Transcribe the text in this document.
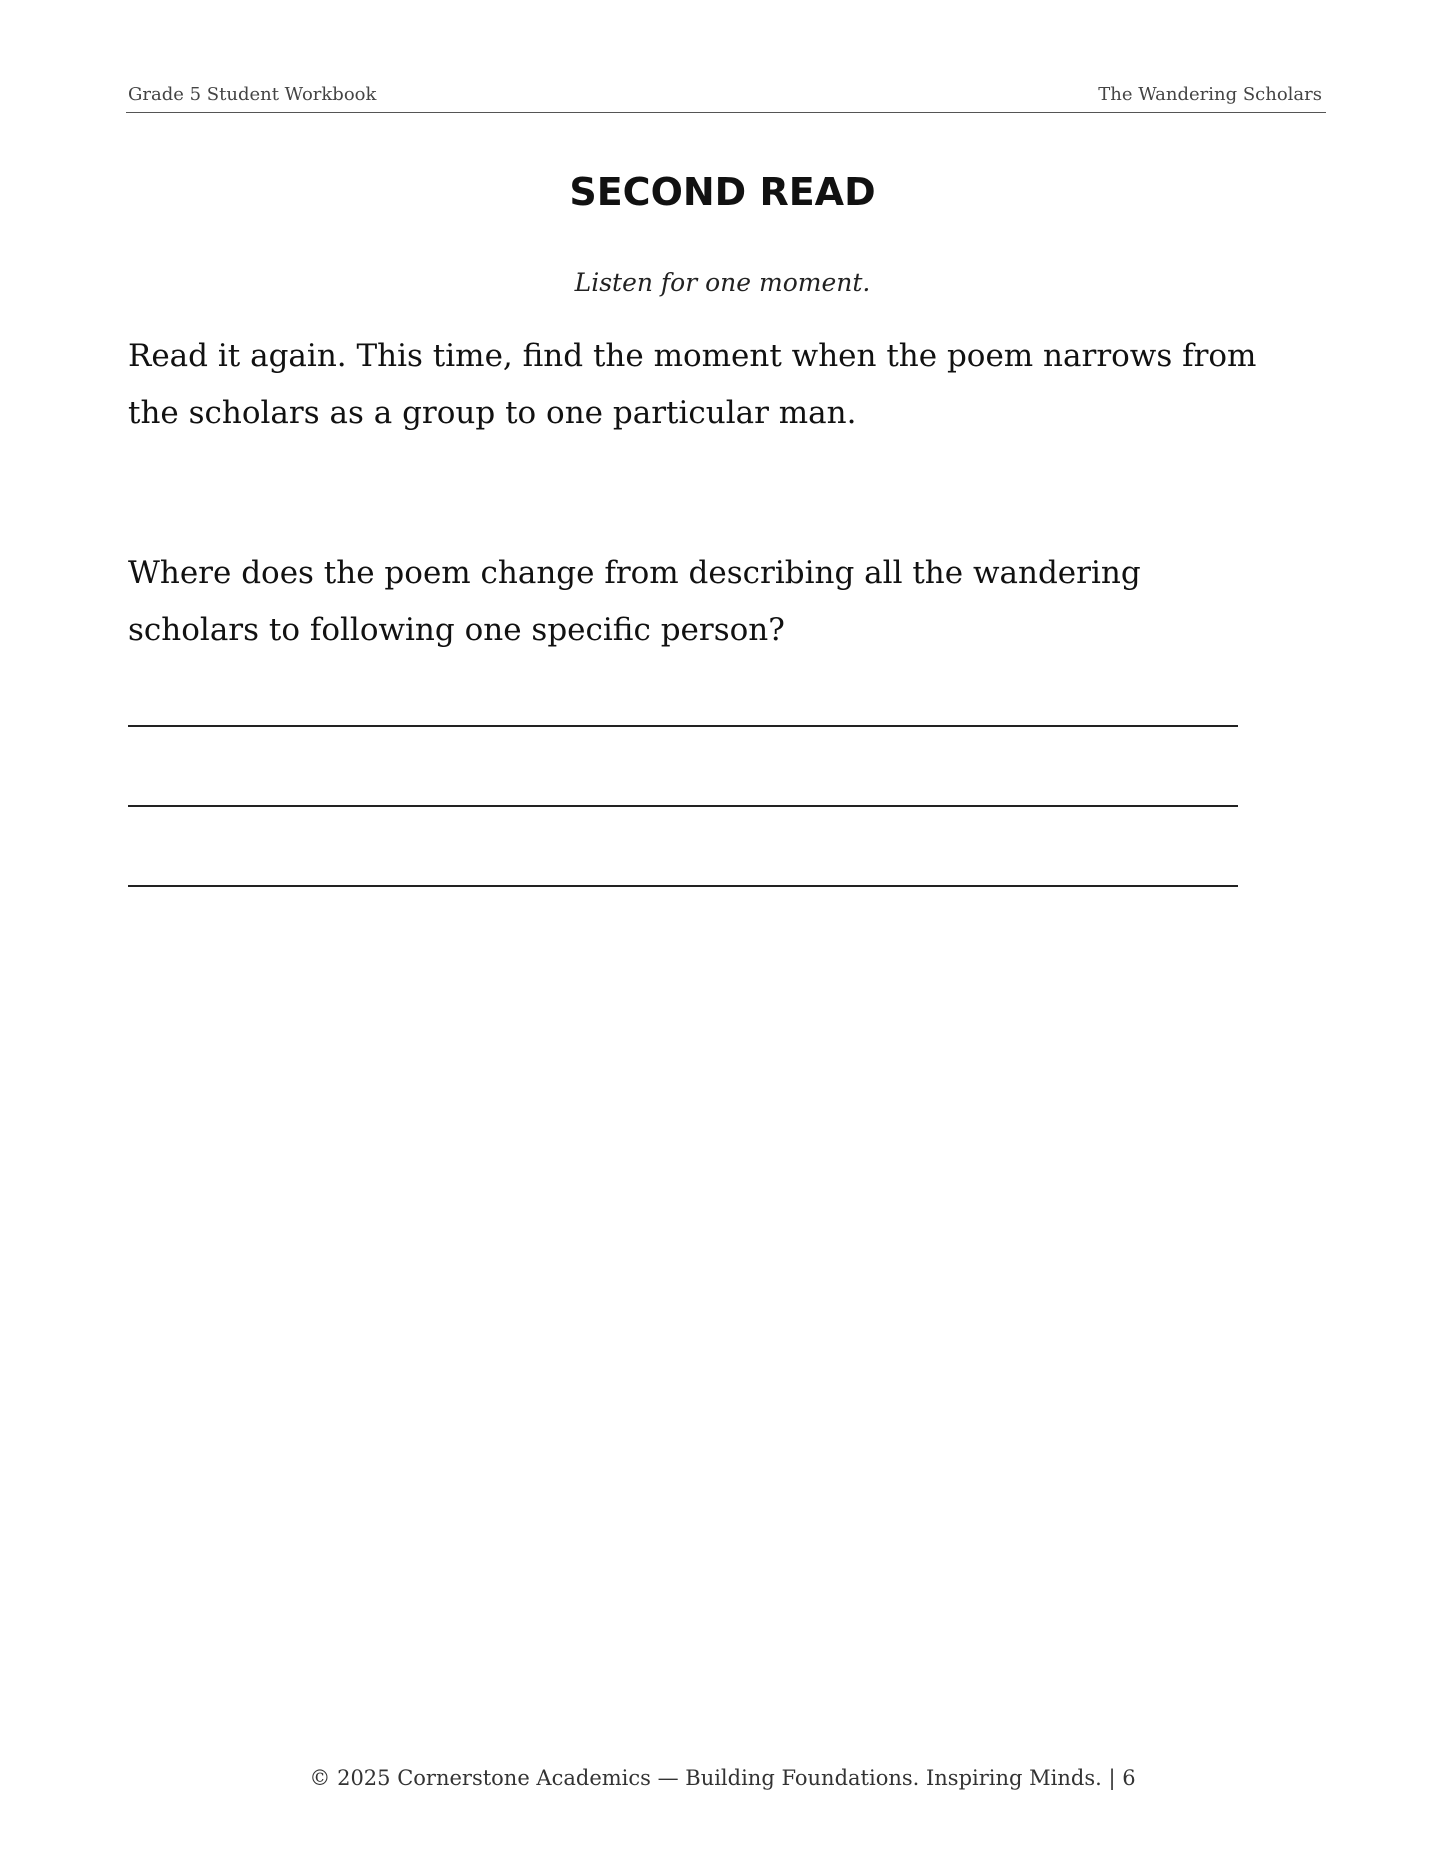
Grade 5 Student Workbook	The Wandering Scholars
SECOND READ
Listen for one moment.
Read it again. This time, find the moment when the poem narrows from the scholars as a group to one particular man.
Where does the poem change from describing all the wandering scholars to following one specific person?
© 2025 Cornerstone Academics — Building Foundations. Inspiring Minds. | 6
